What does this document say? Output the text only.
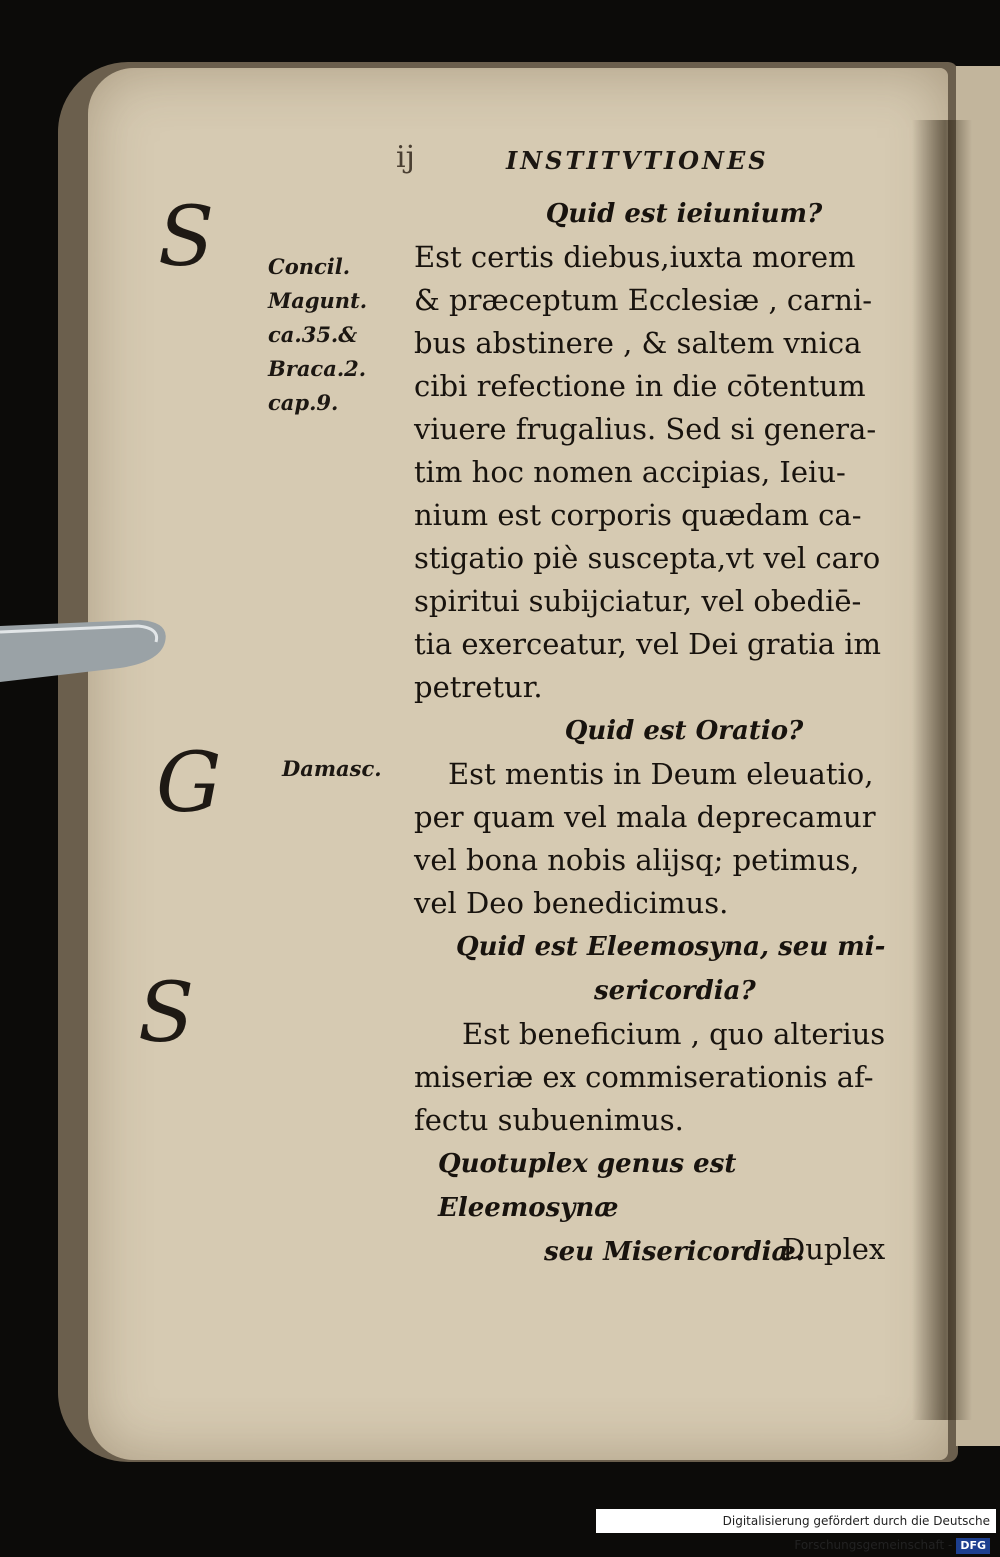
ij	INSTITVTIONES
Concil.
Magunt.
ca.35.&
Braca.2.
cap.9.
Damasc.
S
G
S

Quid est ieiunium?

Est certis diebus,iuxta morem

& præceptum Ecclesiæ , carni-

bus abstinere , & saltem vnica

cibi refectione in die cōtentum

viuere frugalius. Sed si genera-

tim hoc nomen accipias, Ieiu-

nium est corporis quædam ca-

stigatio piè suscepta,vt vel caro

spiritui subijciatur, vel obediē-

tia exerceatur, vel Dei gratia im

petretur.

Quid est Oratio?

Est mentis in Deum eleuatio,

per quam vel mala deprecamur

vel bona nobis alijsq; petimus,

vel Deo benedicimus.

Quid est Eleemosyna, seu mi-

sericordia?

Est beneficium , quo alterius

miseriæ ex commiserationis af-

fectu subuenimus.

Quotuplex genus est Eleemosynæ

seu Misericordiæ.

Duplex
Digitalisierung gefördert durch die Deutsche Forschungsgemeinschaft - DFG
